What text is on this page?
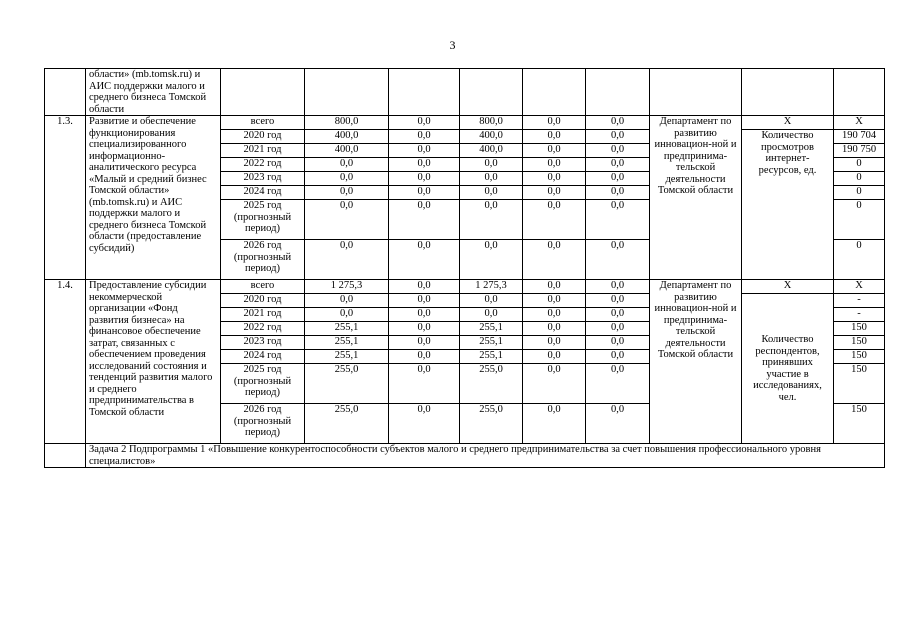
3
	области» (mb.tomsk.ru) и АИС поддержки малого и среднего бизнеса Томской области									
1.3.	Развитие и обеспечение функционирования специализированного информационно-аналитического ресурса «Малый и средний бизнес Томской области» (mb.tomsk.ru) и АИС поддержки малого и среднего бизнеса Томской области (предоставление субсидий)	всего	800,0	0,0	800,0	0,0	0,0	Департамент по развитию инновацион-ной и предпринима-тельской деятельности Томской области	X	X
		2020 год	400,0	0,0	400,0	0,0	0,0		Количество просмотров интернет-ресурсов, ед.	190 704
		2021 год	400,0	0,0	400,0	0,0	0,0			190 750
		2022 год	0,0	0,0	0,0	0,0	0,0			0
		2023 год	0,0	0,0	0,0	0,0	0,0			0
		2024 год	0,0	0,0	0,0	0,0	0,0			0
		2025 год (прогнозный период)	0,0	0,0	0,0	0,0	0,0			0
		2026 год (прогнозный период)	0,0	0,0	0,0	0,0	0,0			0
1.4.	Предоставление субсидии некоммерческой организации «Фонд развития бизнеса» на финансовое обеспечение затрат, связанных с обеспечением проведения исследований состояния и тенденций развития малого и среднего предпринимательства в Томской области	всего	1 275,3	0,0	1 275,3	0,0	0,0	Департамент по развитию инновацион-ной и предпринима-тельской деятельности Томской области	X	X
		2020 год	0,0	0,0	0,0	0,0	0,0		Количество респондентов, принявших участие в исследованиях, чел.	-
		2021 год	0,0	0,0	0,0	0,0	0,0			-
		2022 год	255,1	0,0	255,1	0,0	0,0			150
		2023 год	255,1	0,0	255,1	0,0	0,0			150
		2024 год	255,1	0,0	255,1	0,0	0,0			150
		2025 год (прогнозный период)	255,0	0,0	255,0	0,0	0,0			150
		2026 год (прогнозный период)	255,0	0,0	255,0	0,0	0,0			150
	Задача 2 Подпрограммы 1 «Повышение конкурентоспособности субъектов малого и среднего предпринимательства за счет повышения профессионального уровня специалистов»									
